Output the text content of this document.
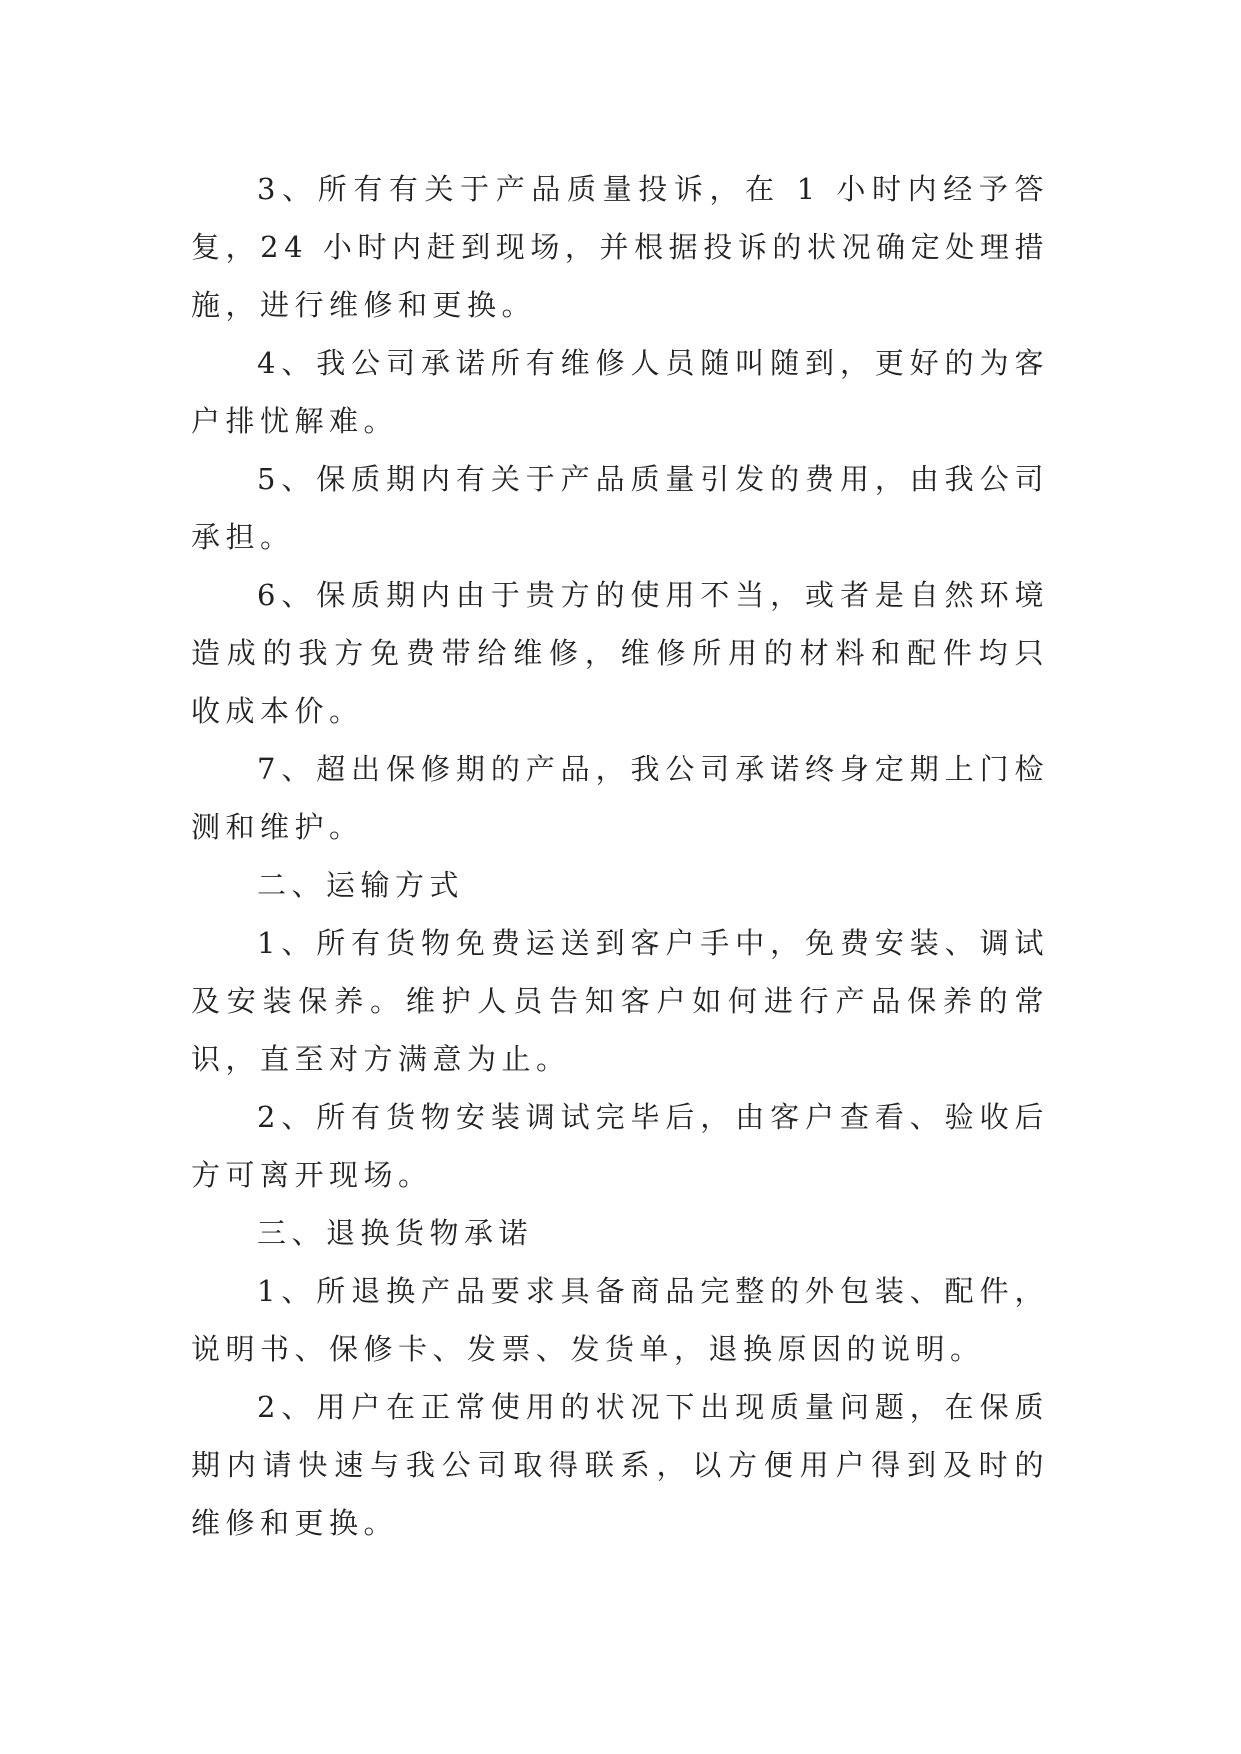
3、所有有关于产品质量投诉，在 1 小时内经予答复，24 小时内赶到现场，并根据投诉的状况确定处理措施，进行维修和更换。

4、我公司承诺所有维修人员随叫随到，更好的为客户排忧解难。

5、保质期内有关于产品质量引发的费用，由我公司承担。

6、保质期内由于贵方的使用不当，或者是自然环境造成的我方免费带给维修，维修所用的材料和配件均只收成本价。

7、超出保修期的产品，我公司承诺终身定期上门检测和维护。

二、运输方式

1、所有货物免费运送到客户手中，免费安装、调试及安装保养。维护人员告知客户如何进行产品保养的常识，直至对方满意为止。

2、所有货物安装调试完毕后，由客户查看、验收后方可离开现场。

三、退换货物承诺

1、所退换产品要求具备商品完整的外包装、配件，说明书、保修卡、发票、发货单，退换原因的说明。

2、用户在正常使用的状况下出现质量问题，在保质期内请快速与我公司取得联系，以方便用户得到及时的维修和更换。
